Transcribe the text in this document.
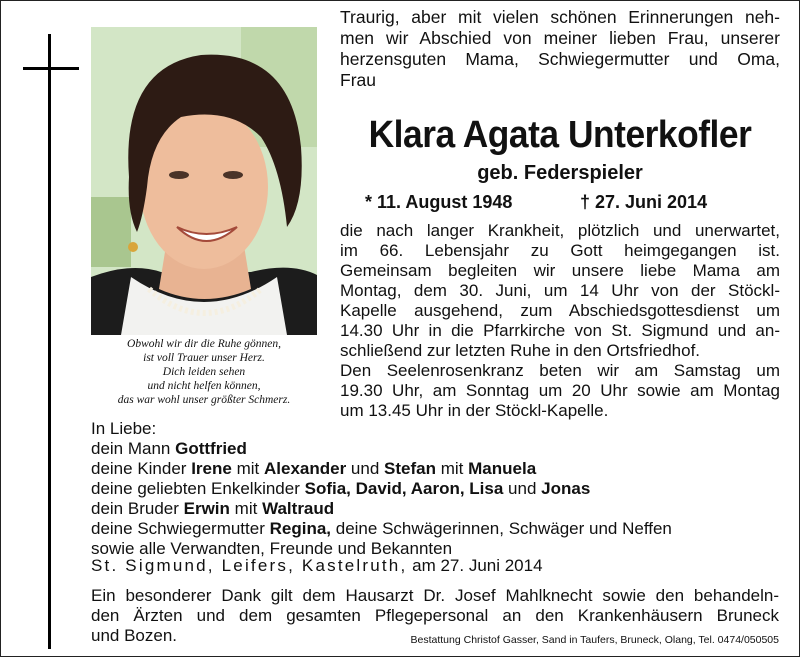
Obwohl wir dir die Ruhe gönnen,
ist voll Trauer unser Herz.
Dich leiden sehen
und nicht helfen können,
das war wohl unser größter Schmerz.
Traurig, aber mit vielen schönen Erinnerungen neh-
men wir Abschied von meiner lieben Frau, unserer
herzensguten Mama, Schwiegermutter und Oma,
Frau
Klara Agata Unterkofler
geb. Federspieler
* 11. August 1948	† 27. Juni 2014
die nach langer Krankheit, plötzlich und unerwartet,
im 66. Lebensjahr zu Gott heimgegangen ist.
Gemeinsam begleiten wir unsere liebe Mama am
Montag, dem 30. Juni, um 14 Uhr von der Stöckl-
Kapelle ausgehend, zum Abschiedsgottesdienst um
14.30 Uhr in die Pfarrkirche von St. Sigmund und an-
schließend zur letzten Ruhe in den Ortsfriedhof.
Den Seelenrosenkranz beten wir am Samstag um
19.30 Uhr, am Sonntag um 20 Uhr sowie am Montag
um 13.45 Uhr in der Stöckl-Kapelle.
In Liebe:
dein Mann Gottfried
deine Kinder Irene mit Alexander und Stefan mit Manuela
deine geliebten Enkelkinder Sofia, David, Aaron, Lisa und Jonas
dein Bruder Erwin mit Waltraud
deine Schwiegermutter Regina, deine Schwägerinnen, Schwäger und Neffen
sowie alle Verwandten, Freunde und Bekannten
St. Sigmund, Leifers, Kastelruth, am 27. Juni 2014
Ein besonderer Dank gilt dem Hausarzt Dr. Josef Mahlknecht sowie den behandeln-
den Ärzten und dem gesamten Pflegepersonal an den Krankenhäusern Bruneck
und Bozen.	Bestattung Christof Gasser, Sand in Taufers, Bruneck, Olang, Tel. 0474/050505
